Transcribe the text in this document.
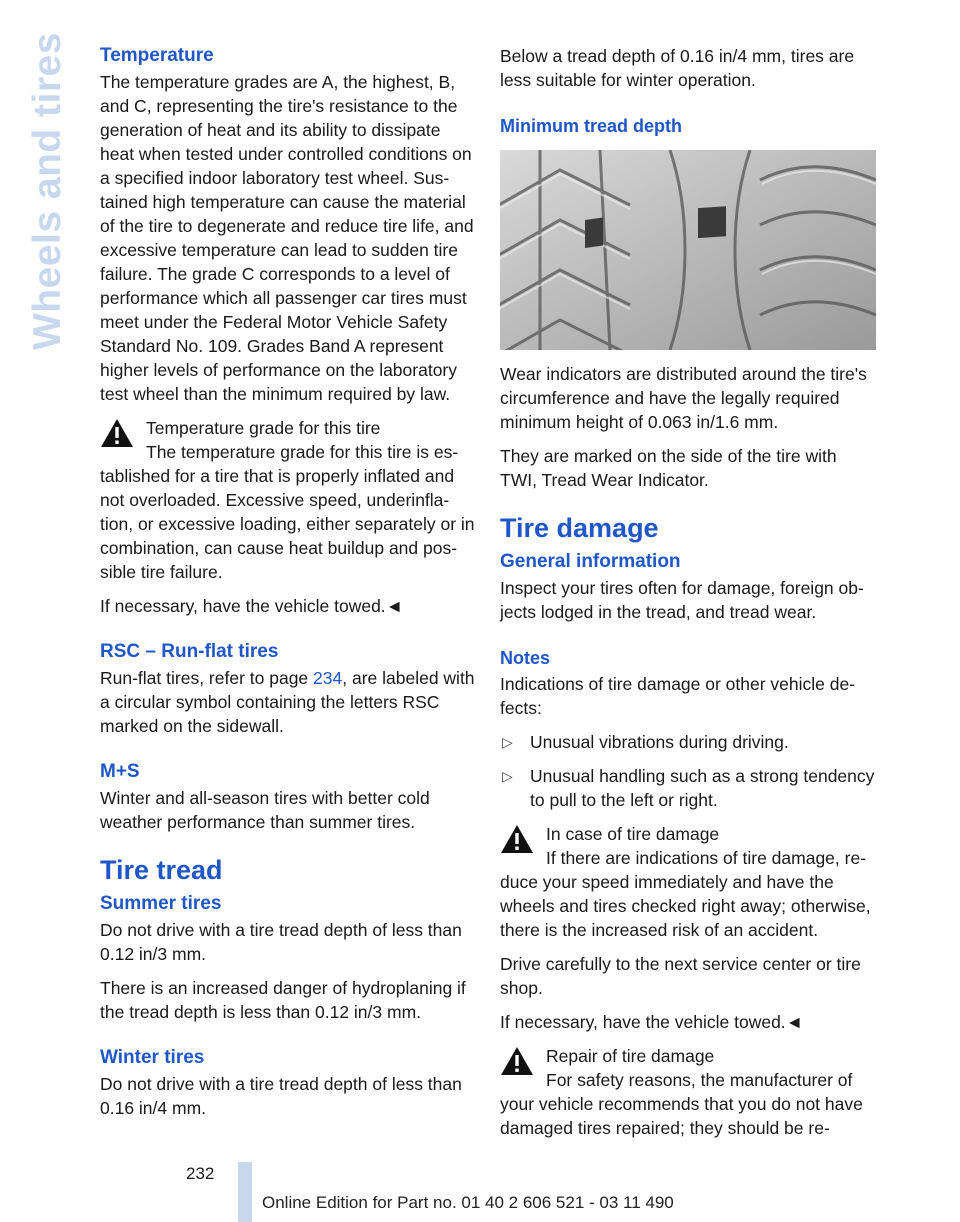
Wheels and tires Temperature

The temperature grades are A, the highest, B, and C, representing the tire's resistance to the generation of heat and its ability to dissipate heat when tested under controlled conditions on a specified indoor laboratory test wheel. Sustained high temperature can cause the material of the tire to degenerate and reduce tire life, and excessive temperature can lead to sudden tire failure. The grade C corresponds to a level of performance which all passenger car tires must meet under the Federal Motor Vehicle Safety Standard No. 109. Grades Band A represent higher levels of performance on the laboratory test wheel than the minimum required by law.

Temperature grade for this tire
The temperature grade for this tire is established for a tire that is properly inflated and not overloaded. Excessive speed, underinflation, or excessive loading, either separately or in combination, can cause heat buildup and possible tire failure.

If necessary, have the vehicle towed.◄

RSC – Run-flat tires

Run-flat tires, refer to page 234, are labeled with a circular symbol containing the letters RSC marked on the sidewall.

M+S

Winter and all-season tires with better cold weather performance than summer tires.

Tire tread
Summer tires

Do not drive with a tire tread depth of less than 0.12 in/3 mm.

There is an increased danger of hydroplaning if the tread depth is less than 0.12 in/3 mm.

Winter tires

Do not drive with a tire tread depth of less than 0.16 in/4 mm.

Below a tread depth of 0.16 in/4 mm, tires are less suitable for winter operation.

Minimum tread depth

Wear indicators are distributed around the tire's circumference and have the legally required minimum height of 0.063 in/1.6 mm.

They are marked on the side of the tire with TWI, Tread Wear Indicator.

Tire damage
General information

Inspect your tires often for damage, foreign objects lodged in the tread, and tread wear.

Notes

Indications of tire damage or other vehicle defects:

▷ Unusual vibrations during driving.
▷ Unusual handling such as a strong tendency to pull to the left or right.
In case of tire damage
If there are indications of tire damage, reduce your speed immediately and have the wheels and tires checked right away; otherwise, there is the increased risk of an accident.

Drive carefully to the next service center or tire shop.

If necessary, have the vehicle towed.◄

Repair of tire damage
For safety reasons, the manufacturer of your vehicle recommends that you do not have damaged tires repaired; they should be re-
232
Online Edition for Part no. 01 40 2 606 521 - 03 11 490
